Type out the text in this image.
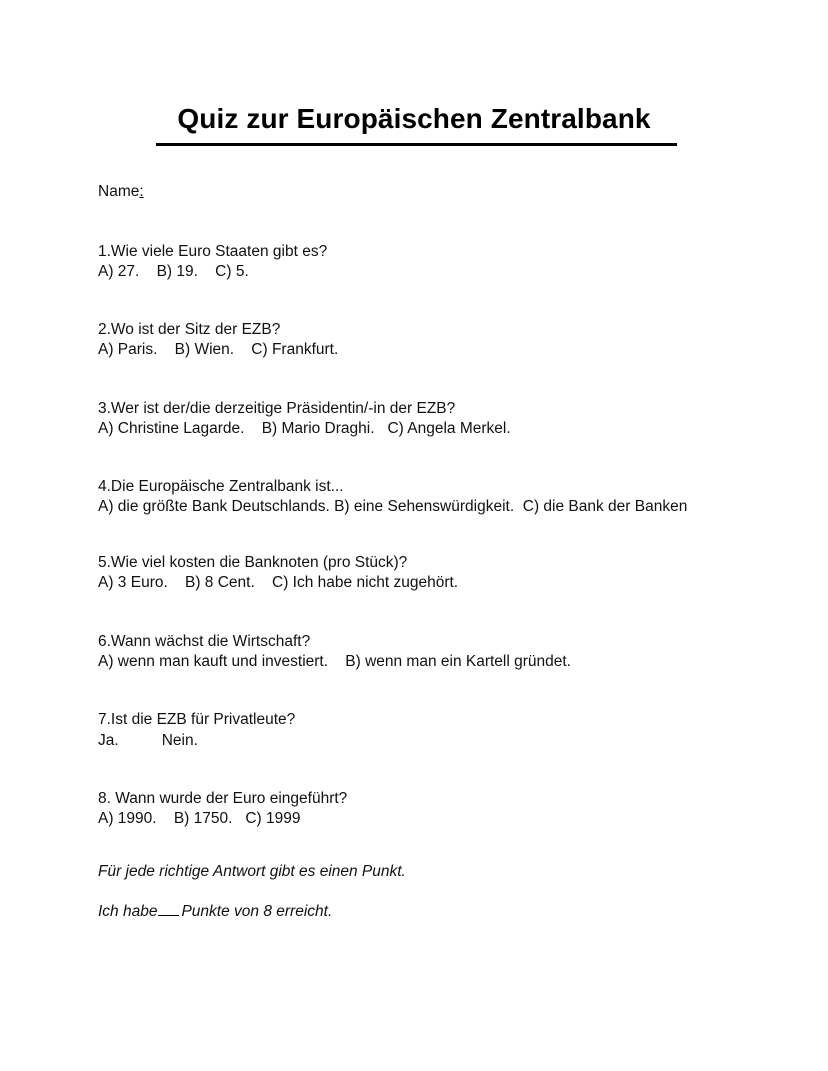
Quiz zur Europäischen Zentralbank
Name:
1.Wie viele Euro Staaten gibt es?
A) 27.    B) 19.    C) 5.
2.Wo ist der Sitz der EZB?
A) Paris.    B) Wien.    C) Frankfurt.
3.Wer ist der/die derzeitige Präsidentin/-in der EZB?
A) Christine Lagarde.    B) Mario Draghi.   C) Angela Merkel.
4.Die Europäische Zentralbank ist...
A) die größte Bank Deutschlands. B) eine Sehenswürdigkeit.  C) die Bank der Banken
5.Wie viel kosten die Banknoten (pro Stück)?
A) 3 Euro.    B) 8 Cent.    C) Ich habe nicht zugehört.
6.Wann wächst die Wirtschaft?
A) wenn man kauft und investiert.    B) wenn man ein Kartell gründet.
7.Ist die EZB für Privatleute?
Ja.          Nein.
8. Wann wurde der Euro eingeführt?
A) 1990.    B) 1750.   C) 1999
Für jede richtige Antwort gibt es einen Punkt.
Ich habe Punkte von 8 erreicht.
